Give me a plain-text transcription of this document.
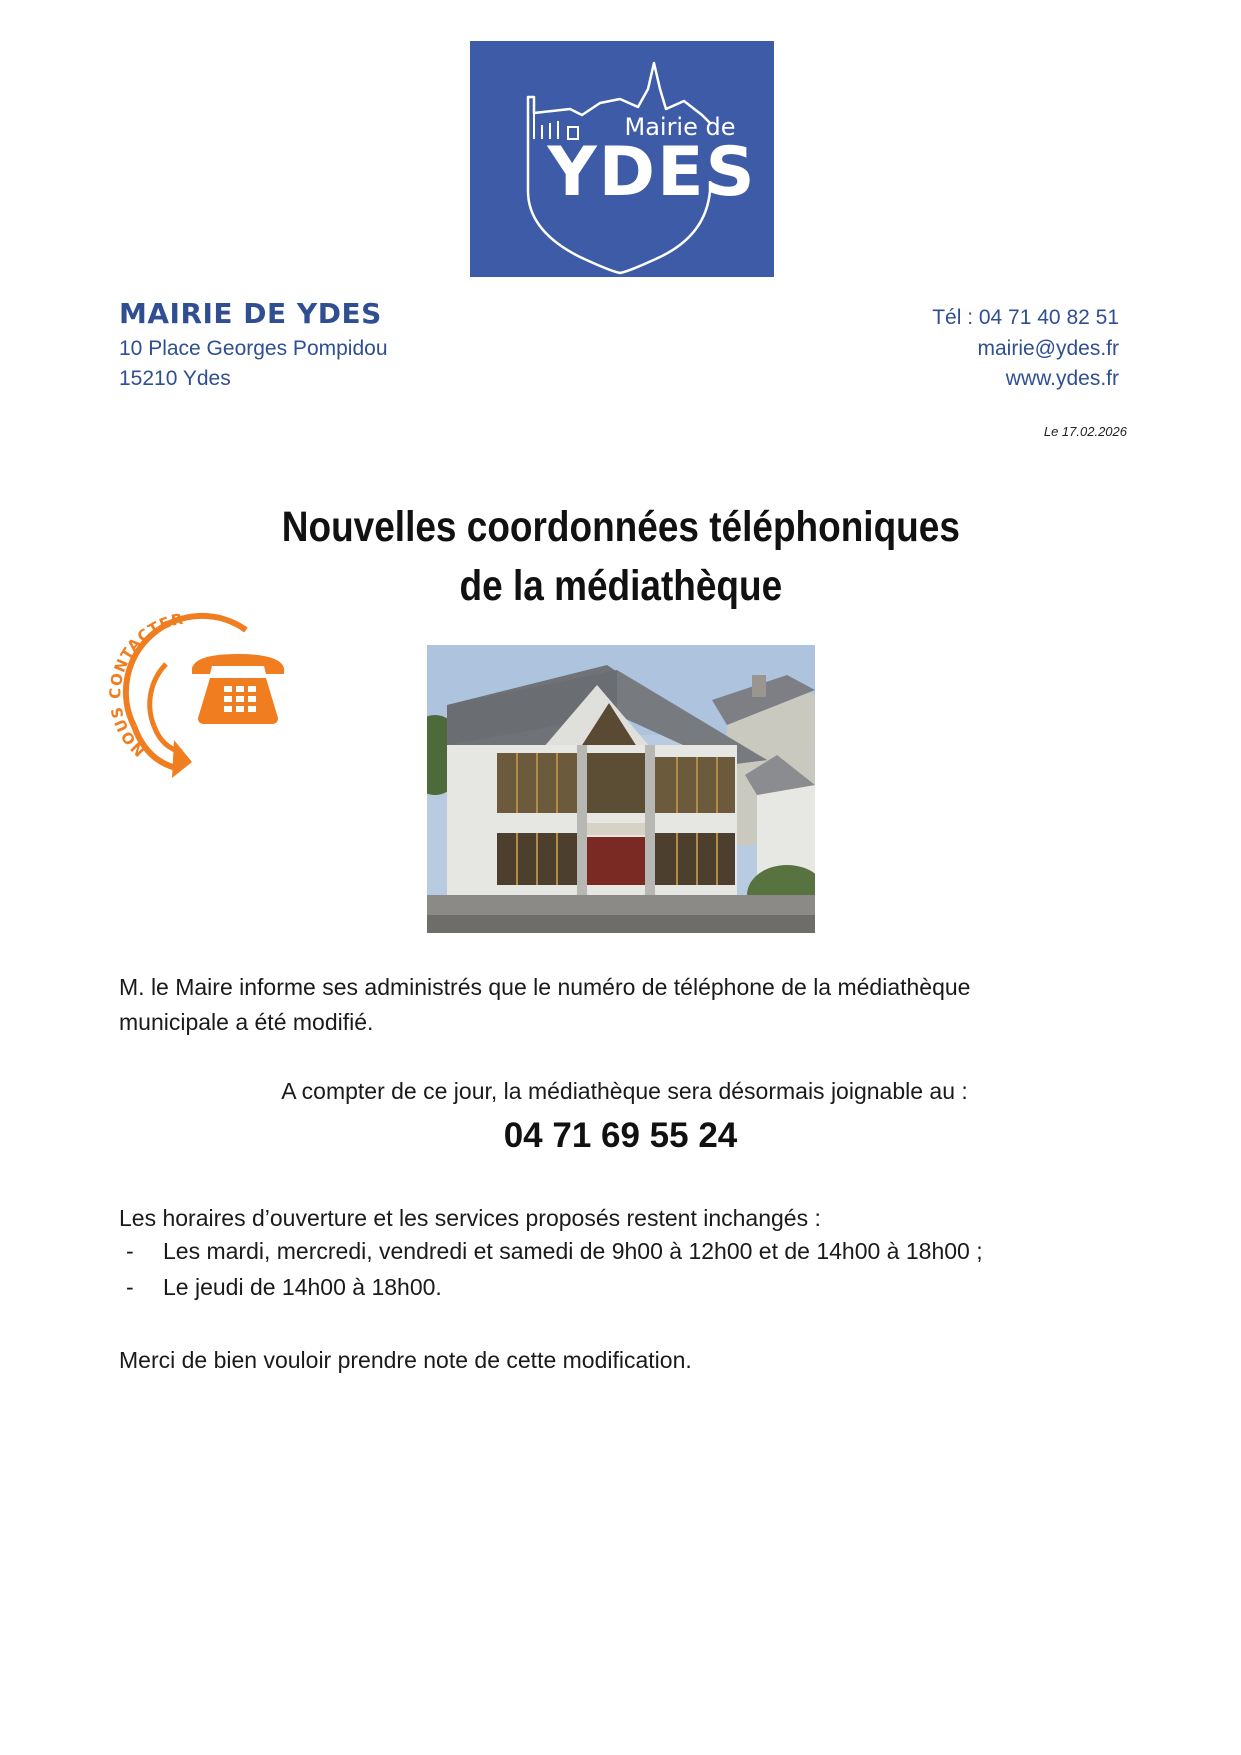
Mairie de
YDES
MAIRIE DE YDES
10 Place Georges Pompidou
15210 Ydes
Tél : 04 71 40 82 51
mairie@ydes.fr
www.ydes.fr
Le 17.02.2026
Nouvelles coordonnées téléphoniques
de la médiathèque
NOUS CONTACTER
M. le Maire informe ses administrés que le numéro de téléphone de la médiathèque
municipale a été modifié.
A compter de ce jour, la médiathèque sera désormais joignable au :
04 71 69 55 24
Les horaires d’ouverture et les services proposés restent inchangés :
- Les mardi, mercredi, vendredi et samedi de 9h00 à 12h00 et de 14h00 à 18h00 ;
- Le jeudi de 14h00 à 18h00.
Merci de bien vouloir prendre note de cette modification.
